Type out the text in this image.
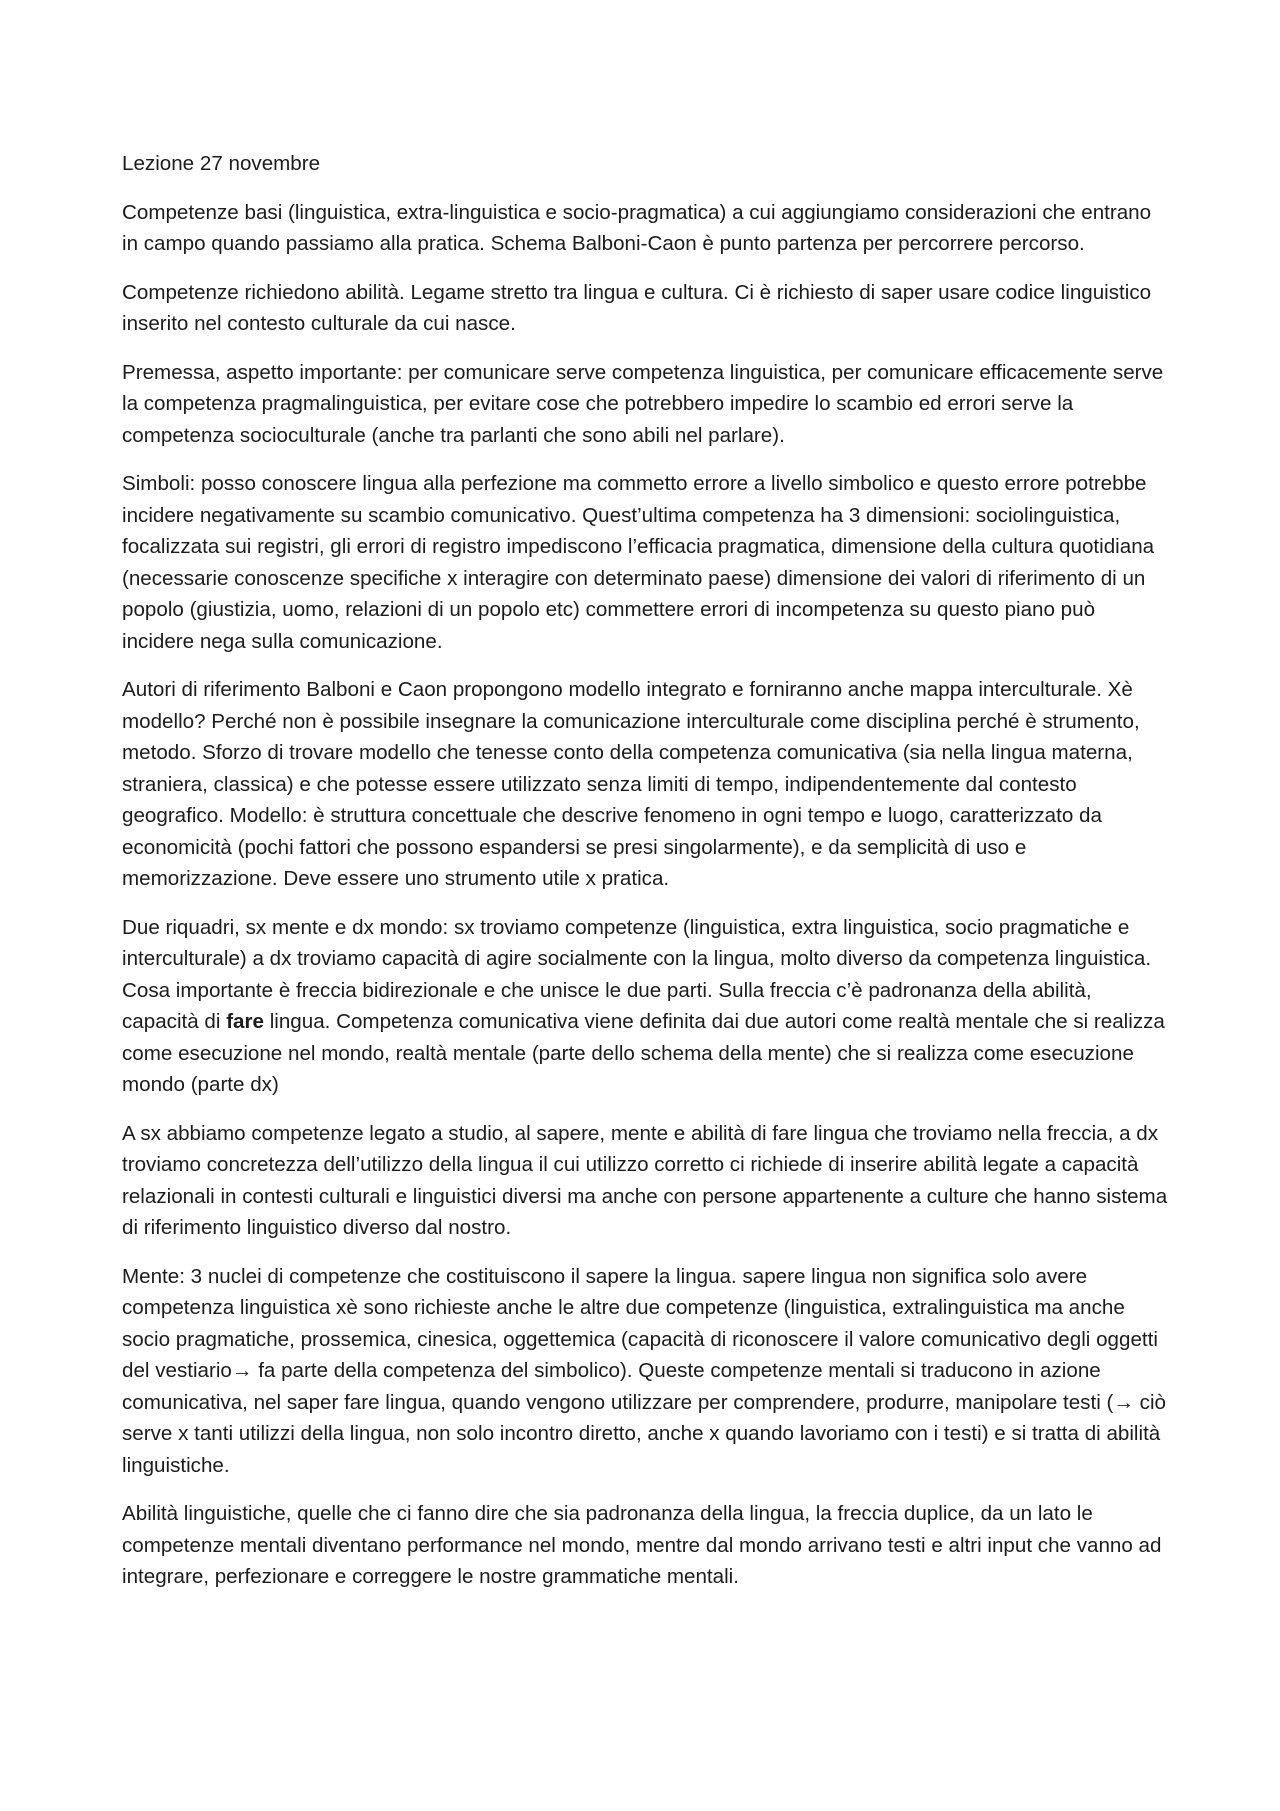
Lezione 27 novembre

Competenze basi (linguistica, extra-linguistica e socio-pragmatica) a cui aggiungiamo considerazioni che entrano in campo quando passiamo alla pratica. Schema Balboni-Caon è punto partenza per percorrere percorso.

Competenze richiedono abilità. Legame stretto tra lingua e cultura. Ci è richiesto di saper usare codice linguistico inserito nel contesto culturale da cui nasce.

Premessa, aspetto importante: per comunicare serve competenza linguistica, per comunicare efficacemente serve la competenza pragmalinguistica, per evitare cose che potrebbero impedire lo scambio ed errori serve la competenza socioculturale (anche tra parlanti che sono abili nel parlare).

Simboli: posso conoscere lingua alla perfezione ma commetto errore a livello simbolico e questo errore potrebbe incidere negativamente su scambio comunicativo. Quest’ultima competenza ha 3 dimensioni: sociolinguistica, focalizzata sui registri, gli errori di registro impediscono l’efficacia pragmatica, dimensione della cultura quotidiana (necessarie conoscenze specifiche x interagire con determinato paese) dimensione dei valori di riferimento di un popolo (giustizia, uomo, relazioni di un popolo etc) commettere errori di incompetenza su questo piano può incidere nega sulla comunicazione.

Autori di riferimento Balboni e Caon propongono modello integrato e forniranno anche mappa interculturale. Xè modello? Perché non è possibile insegnare la comunicazione interculturale come disciplina perché è strumento, metodo. Sforzo di trovare modello che tenesse conto della competenza comunicativa (sia nella lingua materna, straniera, classica) e che potesse essere utilizzato senza limiti di tempo, indipendentemente dal contesto geografico. Modello: è struttura concettuale che descrive fenomeno in ogni tempo e luogo, caratterizzato da economicità (pochi fattori che possono espandersi se presi singolarmente), e da semplicità di uso e memorizzazione. Deve essere uno strumento utile x pratica.

Due riquadri, sx mente e dx mondo: sx troviamo competenze (linguistica, extra linguistica, socio pragmatiche e interculturale) a dx troviamo capacità di agire socialmente con la lingua, molto diverso da competenza linguistica. Cosa importante è freccia bidirezionale e che unisce le due parti. Sulla freccia c’è padronanza della abilità, capacità di fare lingua. Competenza comunicativa viene definita dai due autori come realtà mentale che si realizza come esecuzione nel mondo, realtà mentale (parte dello schema della mente) che si realizza come esecuzione mondo (parte dx)

A sx abbiamo competenze legato a studio, al sapere, mente e abilità di fare lingua che troviamo nella freccia, a dx troviamo concretezza dell’utilizzo della lingua il cui utilizzo corretto ci richiede di inserire abilità legate a capacità relazionali in contesti culturali e linguistici diversi ma anche con persone appartenente a culture che hanno sistema di riferimento linguistico diverso dal nostro.

Mente: 3 nuclei di competenze che costituiscono il sapere la lingua. sapere lingua non significa solo avere competenza linguistica xè sono richieste anche le altre due competenze (linguistica, extralinguistica ma anche socio pragmatiche, prossemica, cinesica, oggettemica (capacità di riconoscere il valore comunicativo degli oggetti del vestiario→ fa parte della competenza del simbolico). Queste competenze mentali si traducono in azione comunicativa, nel saper fare lingua, quando vengono utilizzare per comprendere, produrre, manipolare testi (→ ciò serve x tanti utilizzi della lingua, non solo incontro diretto, anche x quando lavoriamo con i testi) e si tratta di abilità linguistiche.

Abilità linguistiche, quelle che ci fanno dire che sia padronanza della lingua, la freccia duplice, da un lato le competenze mentali diventano performance nel mondo, mentre dal mondo arrivano testi e altri input che vanno ad integrare, perfezionare e correggere le nostre grammatiche mentali.
